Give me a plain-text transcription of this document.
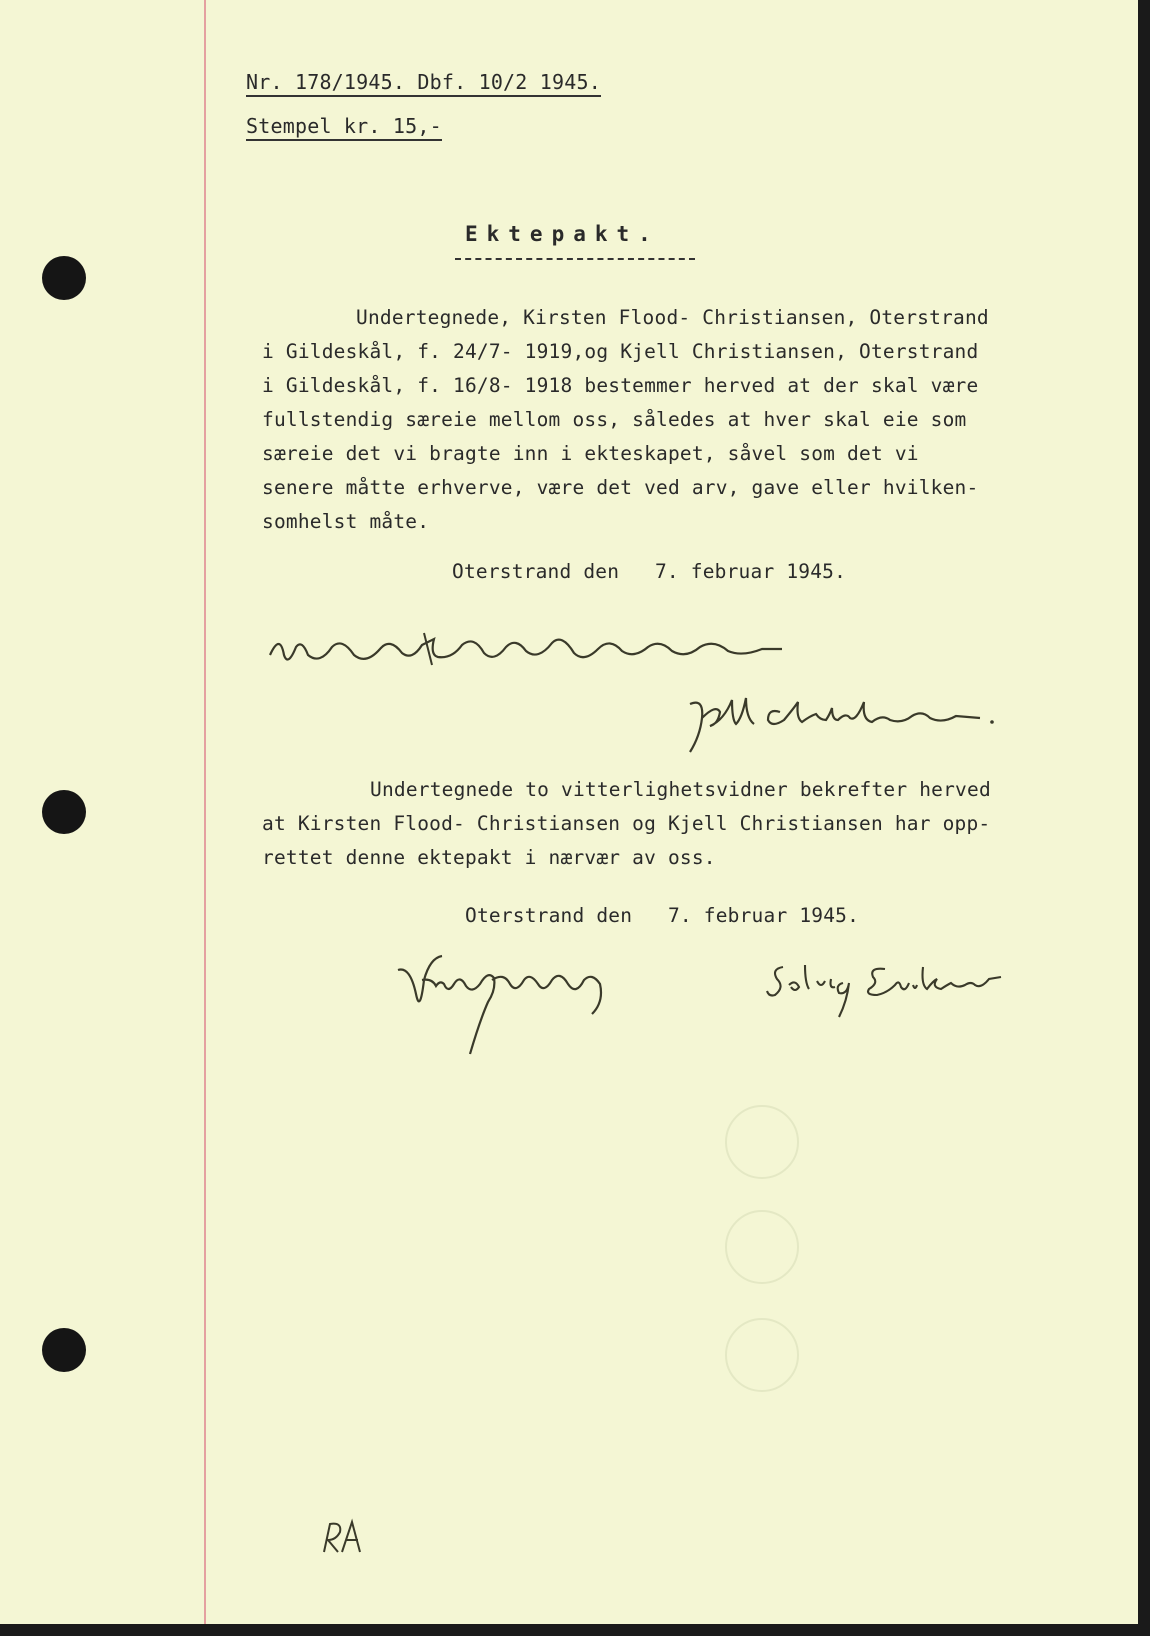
Nr. 178/1945. Dbf. 10/2 1945.
Stempel kr. 15,-
Ektepakt.
Undertegnede, Kirsten Flood- Christiansen, Oterstrand
i Gildeskål, f. 24/7- 1919,og Kjell Christiansen, Oterstrand
i Gildeskål, f. 16/8- 1918 bestemmer herved at der skal være
fullstendig særeie mellom oss, således at hver skal eie som
særeie det vi bragte inn i ekteskapet, såvel som det vi
senere måtte erhverve, være det ved arv, gave eller hvilken-
somhelst måte.
Oterstrand den   7. februar 1945.
Undertegnede to vitterlighetsvidner bekrefter herved
at Kirsten Flood- Christiansen og Kjell Christiansen har opp-
rettet denne ektepakt i nærvær av oss.
Oterstrand den   7. februar 1945.
